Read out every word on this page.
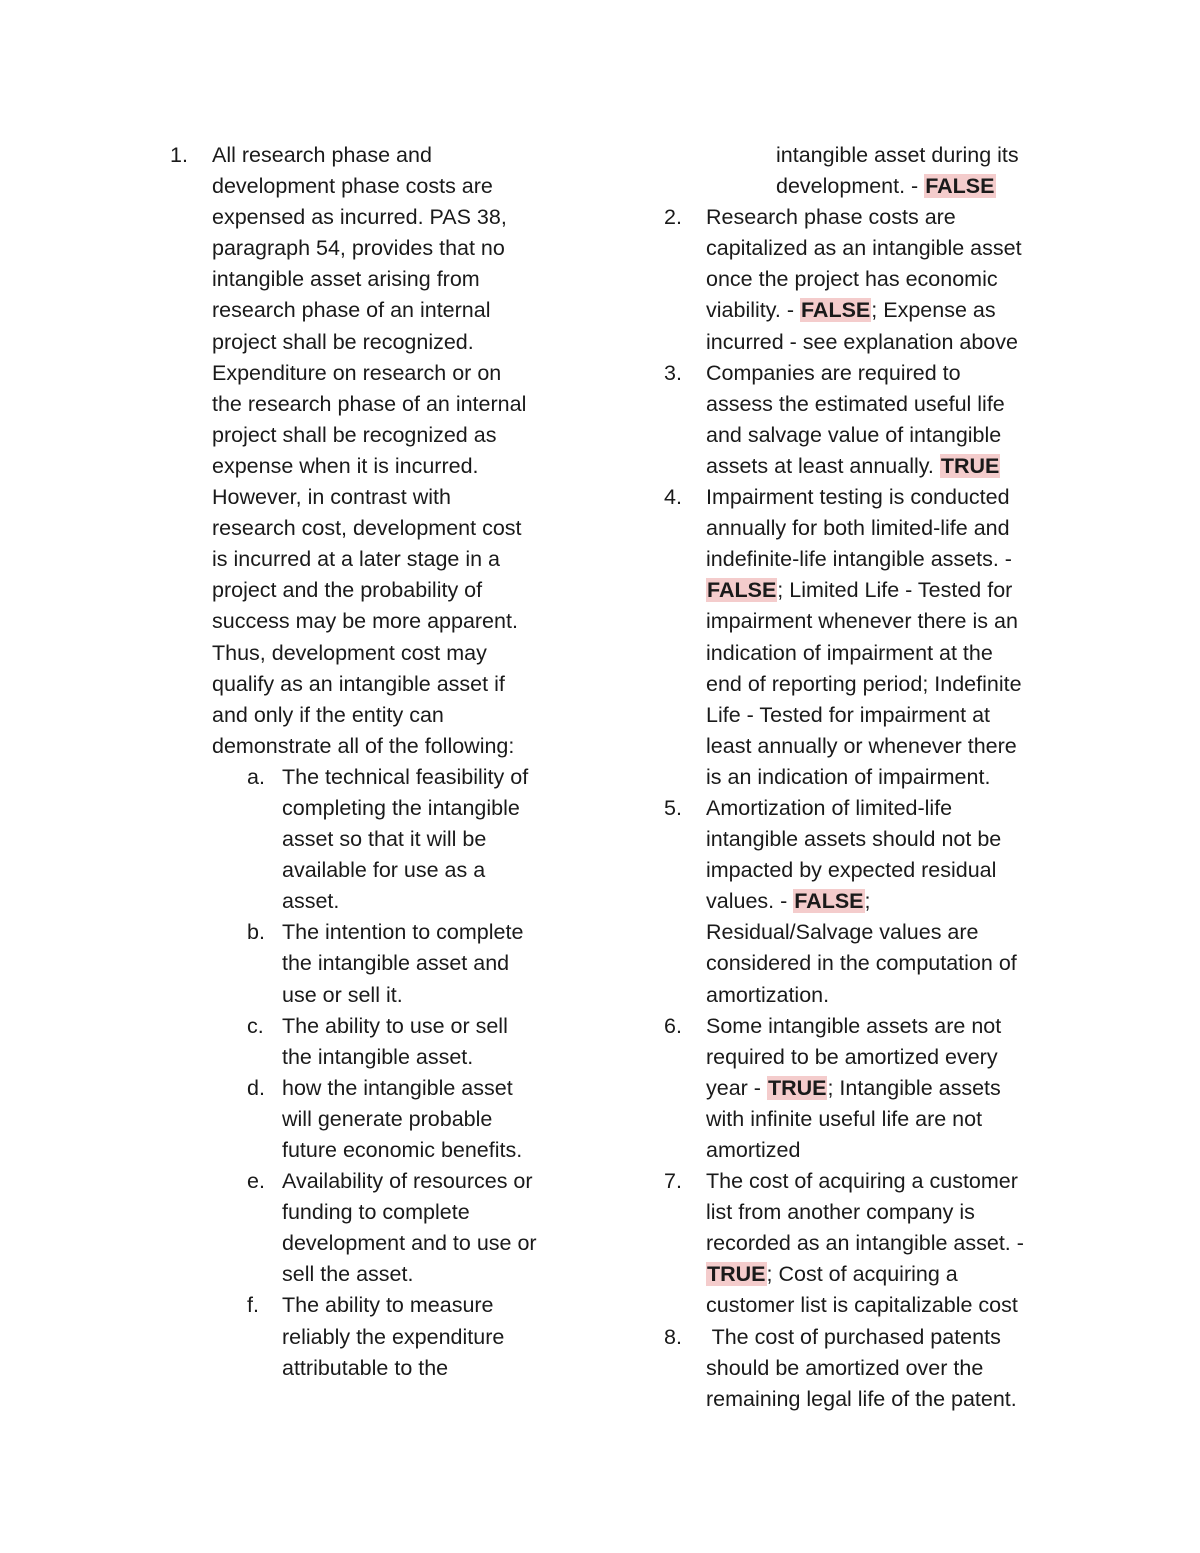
1. All research phase and
development phase costs are
expensed as incurred. PAS 38,
paragraph 54, provides that no
intangible asset arising from
research phase of an internal
project shall be recognized.
Expenditure on research or on
the research phase of an internal
project shall be recognized as
expense when it is incurred.
However, in contrast with
research cost, development cost
is incurred at a later stage in a
project and the probability of
success may be more apparent.
Thus, development cost may
qualify as an intangible asset if
and only if the entity can
demonstrate all of the following:
a. The technical feasibility of
completing the intangible
asset so that it will be
available for use as a
asset.
b. The intention to complete
the intangible asset and
use or sell it.
c. The ability to use or sell
the intangible asset.
d. how the intangible asset
will generate probable
future economic benefits.
e. Availability of resources or
funding to complete
development and to use or
sell the asset.
f. The ability to measure
reliably the expenditure
attributable to the
intangible asset during its
development. - FALSE
2. Research phase costs are
capitalized as an intangible asset
once the project has economic
viability. - FALSE; Expense as
incurred - see explanation above
3. Companies are required to
assess the estimated useful life
and salvage value of intangible
assets at least annually. TRUE
4. Impairment testing is conducted
annually for both limited-life and
indefinite-life intangible assets. -
FALSE; Limited Life - Tested for
impairment whenever there is an
indication of impairment at the
end of reporting period; Indefinite
Life - Tested for impairment at
least annually or whenever there
is an indication of impairment.
5. Amortization of limited-life
intangible assets should not be
impacted by expected residual
values. - FALSE;
Residual/Salvage values are
considered in the computation of
amortization.
6. Some intangible assets are not
required to be amortized every
year - TRUE; Intangible assets
with infinite useful life are not
amortized
7. The cost of acquiring a customer
list from another company is
recorded as an intangible asset. -
TRUE; Cost of acquiring a
customer list is capitalizable cost
8. The cost of purchased patents
should be amortized over the
remaining legal life of the patent.
